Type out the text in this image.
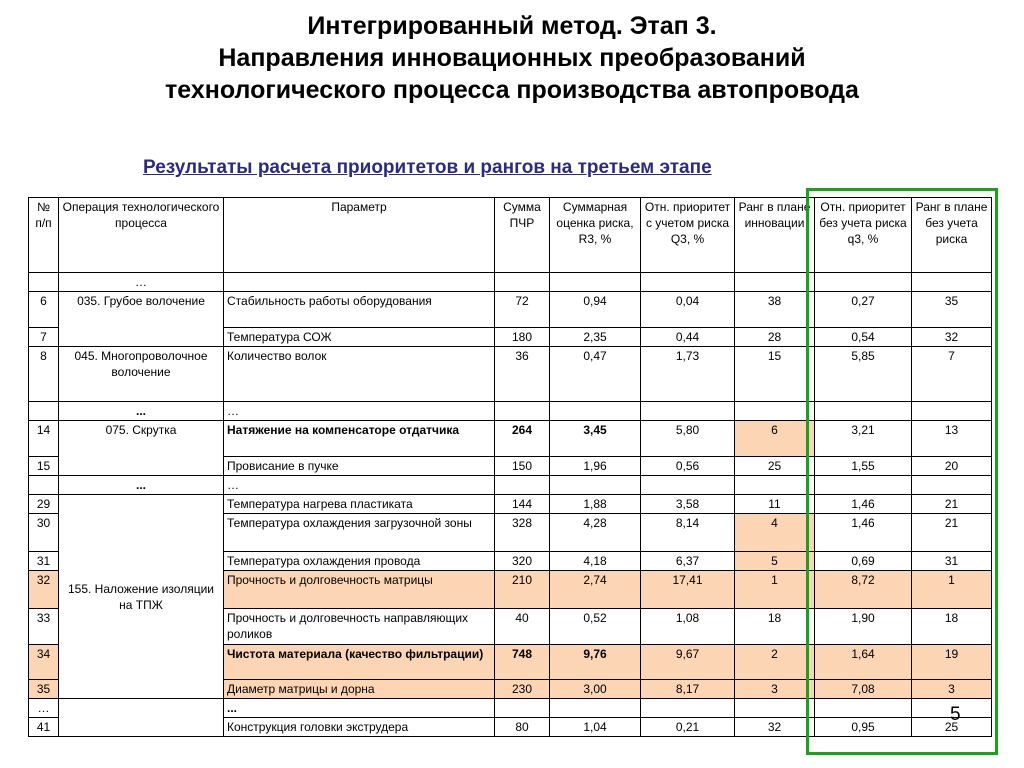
Интегрированный метод. Этап 3.
Направления инновационных преобразований
технологического процесса производства автопровода
Результаты расчета приоритетов и рангов на третьем этапе
№ п/п	Операция технологического процесса	Параметр	Сумма ПЧР	Суммарная оценка риска, R3, %	Отн. приоритет с учетом риска Q3, %	Ранг в плане инновации	Отн. приоритет без учета риска q3, %	Ранг в плане без учета риска
	…							
6	035. Грубое волочение	Стабильность работы оборудования	72	0,94	0,04	38	0,27	35
7		Температура СОЖ	180	2,35	0,44	28	0,54	32
8	045. Многопроволочное волочение	Количество волок	36	0,47	1,73	15	5,85	7
	...	…						
14	075. Скрутка	Натяжение на компенсаторе отдатчика	264	3,45	5,80	6	3,21	13
15		Провисание в пучке	150	1,96	0,56	25	1,55	20
	...	…						
29	155. Наложение изоляции на ТПЖ	Температура нагрева пластиката	144	1,88	3,58	11	1,46	21
30		Температура охлаждения загрузочной зоны	328	4,28	8,14	4	1,46	21
31		Температура охлаждения провода	320	4,18	6,37	5	0,69	31
32		Прочность и долговечность матрицы	210	2,74	17,41	1	8,72	1
33		Прочность и долговечность направляющих роликов	40	0,52	1,08	18	1,90	18
34		Чистота материала (качество фильтрации)	748	9,76	9,67	2	1,64	19
35		Диаметр матрицы и дорна	230	3,00	8,17	3	7,08	3
…		...						
41		Конструкция головки экструдера	80	1,04	0,21	32	0,95	25
5
